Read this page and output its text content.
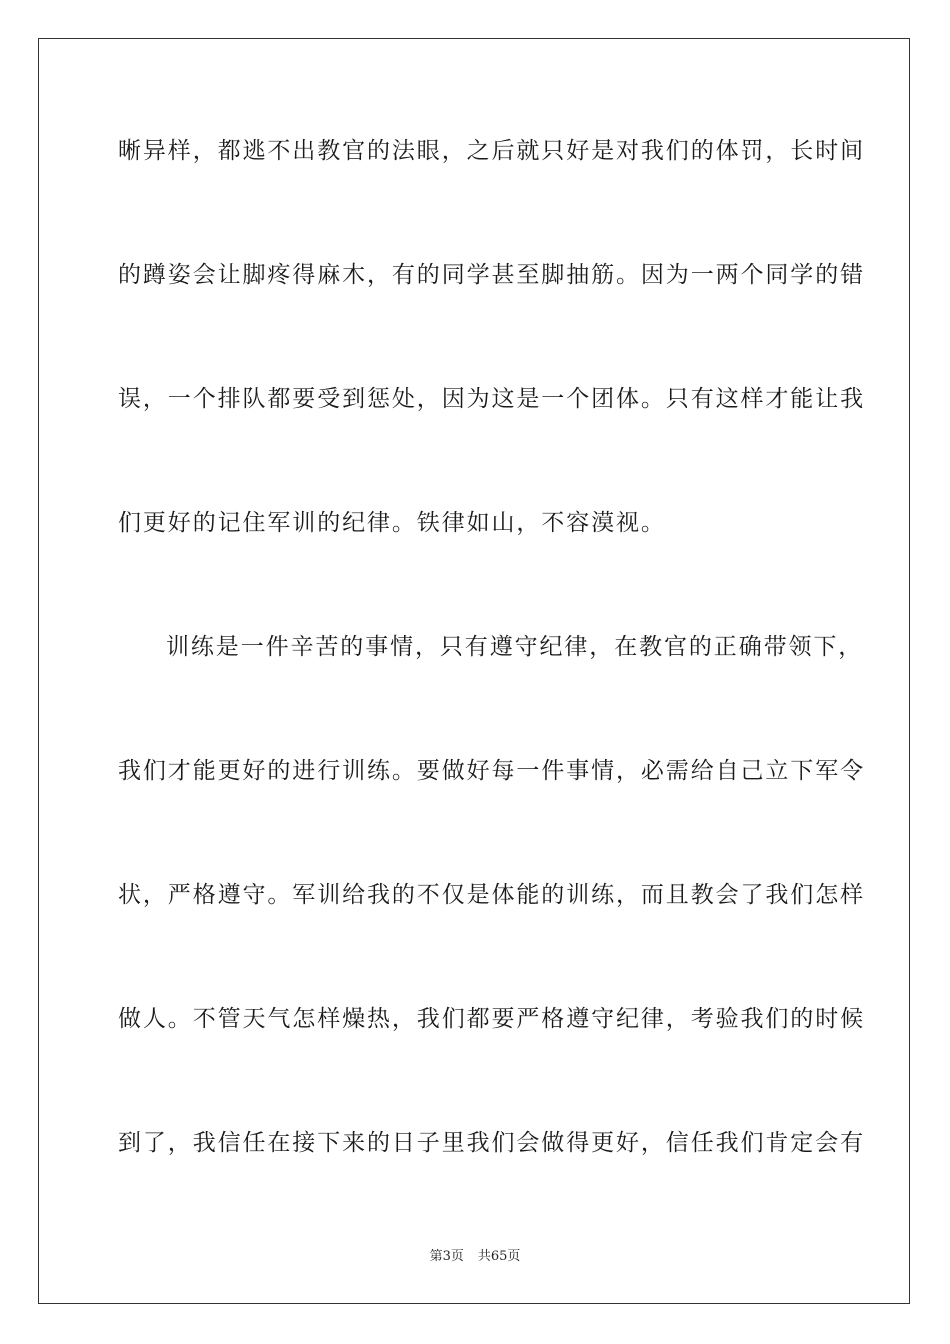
晰异样，都逃不出教官的法眼，之后就只好是对我们的体罚，长时间
的蹲姿会让脚疼得麻木，有的同学甚至脚抽筋。因为一两个同学的错
误，一个排队都要受到惩处，因为这是一个团体。只有这样才能让我
们更好的记住军训的纪律。铁律如山，不容漠视。
训练是一件辛苦的事情，只有遵守纪律，在教官的正确带领下，
我们才能更好的进行训练。要做好每一件事情，必需给自己立下军令
状，严格遵守。军训给我的不仅是体能的训练，而且教会了我们怎样
做人。不管天气怎样燥热，我们都要严格遵守纪律，考验我们的时候
到了，我信任在接下来的日子里我们会做得更好，信任我们肯定会有
第3页 共65页
